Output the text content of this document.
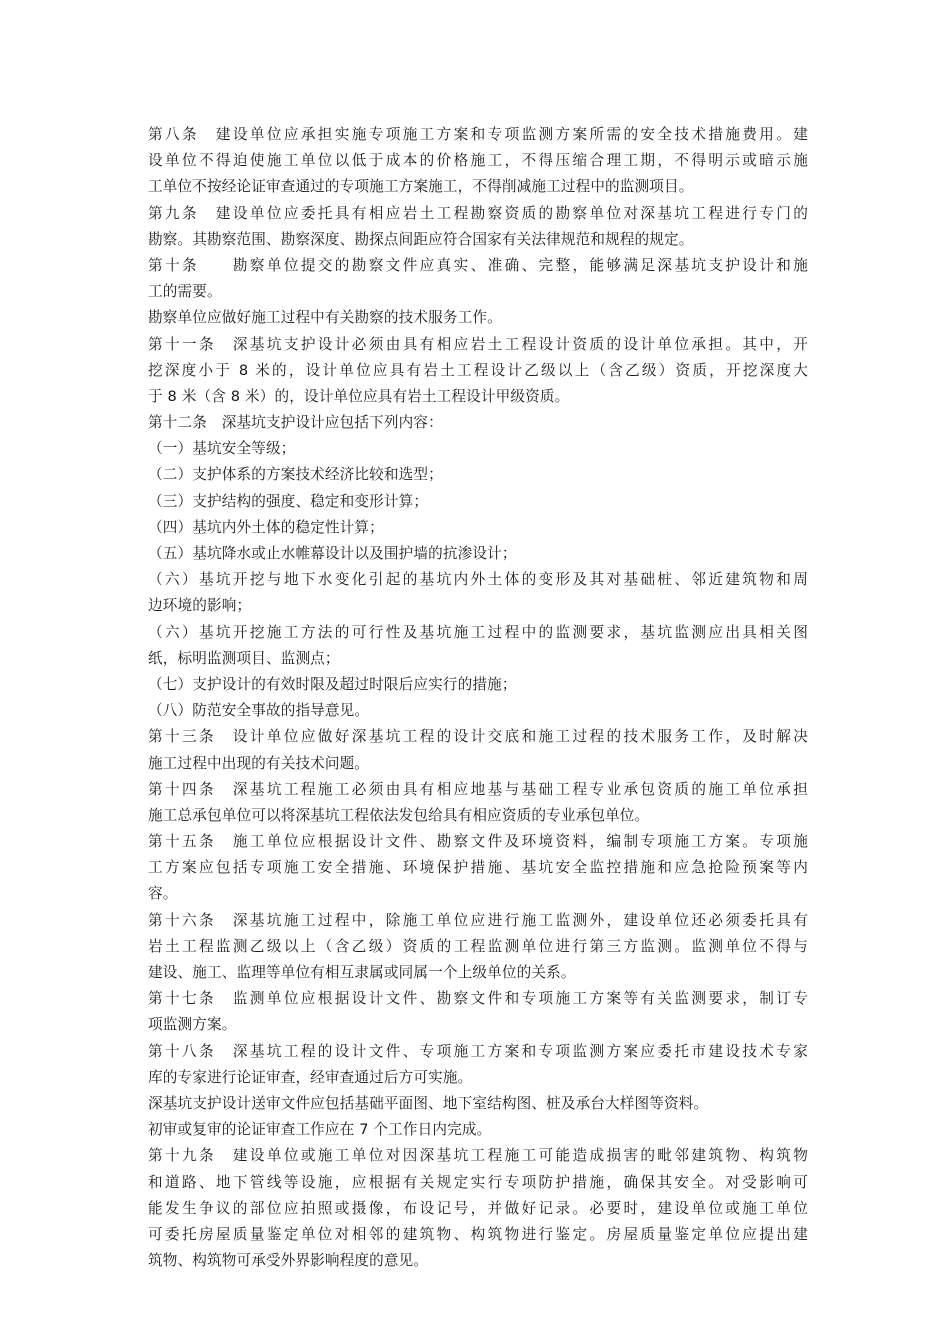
第八条　建设单位应承担实施专项施工方案和专项监测方案所需的安全技术措施费用。建
设单位不得迫使施工单位以低于成本的价格施工，不得压缩合理工期，不得明示或暗示施
工单位不按经论证审查通过的专项施工方案施工，不得削减施工过程中的监测项目。
第九条　建设单位应委托具有相应岩土工程勘察资质的勘察单位对深基坑工程进行专门的
勘察。其勘察范围、勘察深度、勘探点间距应符合国家有关法律规范和规程的规定。
第十条　　勘察单位提交的勘察文件应真实、准确、完整，能够满足深基坑支护设计和施
工的需要。
勘察单位应做好施工过程中有关勘察的技术服务工作。
第十一条　深基坑支护设计必须由具有相应岩土工程设计资质的设计单位承担。其中，开
挖深度小于 8 米的，设计单位应具有岩土工程设计乙级以上（含乙级）资质，开挖深度大
于 8 米（含 8 米）的，设计单位应具有岩土工程设计甲级资质。
第十二条　深基坑支护设计应包括下列内容：
（一）基坑安全等级；
（二）支护体系的方案技术经济比较和选型；
（三）支护结构的强度、稳定和变形计算；
（四）基坑内外土体的稳定性计算；
（五）基坑降水或止水帷幕设计以及围护墙的抗渗设计；
（六）基坑开挖与地下水变化引起的基坑内外土体的变形及其对基础桩、邻近建筑物和周
边环境的影响；
（六）基坑开挖施工方法的可行性及基坑施工过程中的监测要求，基坑监测应出具相关图
纸，标明监测项目、监测点；
（七）支护设计的有效时限及超过时限后应实行的措施；
（八）防范安全事故的指导意见。
第十三条　设计单位应做好深基坑工程的设计交底和施工过程的技术服务工作，及时解决
施工过程中出现的有关技术问题。
第十四条　深基坑工程施工必须由具有相应地基与基础工程专业承包资质的施工单位承担
施工总承包单位可以将深基坑工程依法发包给具有相应资质的专业承包单位。
第十五条　施工单位应根据设计文件、勘察文件及环境资料，编制专项施工方案。专项施
工方案应包括专项施工安全措施、环境保护措施、基坑安全监控措施和应急抢险预案等内
容。
第十六条　深基坑施工过程中，除施工单位应进行施工监测外，建设单位还必须委托具有
岩土工程监测乙级以上（含乙级）资质的工程监测单位进行第三方监测。监测单位不得与
建设、施工、监理等单位有相互隶属或同属一个上级单位的关系。
第十七条　监测单位应根据设计文件、勘察文件和专项施工方案等有关监测要求，制订专
项监测方案。
第十八条　深基坑工程的设计文件、专项施工方案和专项监测方案应委托市建设技术专家
库的专家进行论证审查，经审查通过后方可实施。
深基坑支护设计送审文件应包括基础平面图、地下室结构图、桩及承台大样图等资料。
初审或复审的论证审查工作应在 7 个工作日内完成。
第十九条　建设单位或施工单位对因深基坑工程施工可能造成损害的毗邻建筑物、构筑物
和道路、地下管线等设施，应根据有关规定实行专项防护措施，确保其安全。对受影响可
能发生争议的部位应拍照或摄像，布设记号，并做好记录。必要时，建设单位或施工单位
可委托房屋质量鉴定单位对相邻的建筑物、构筑物进行鉴定。房屋质量鉴定单位应提出建
筑物、构筑物可承受外界影响程度的意见。
